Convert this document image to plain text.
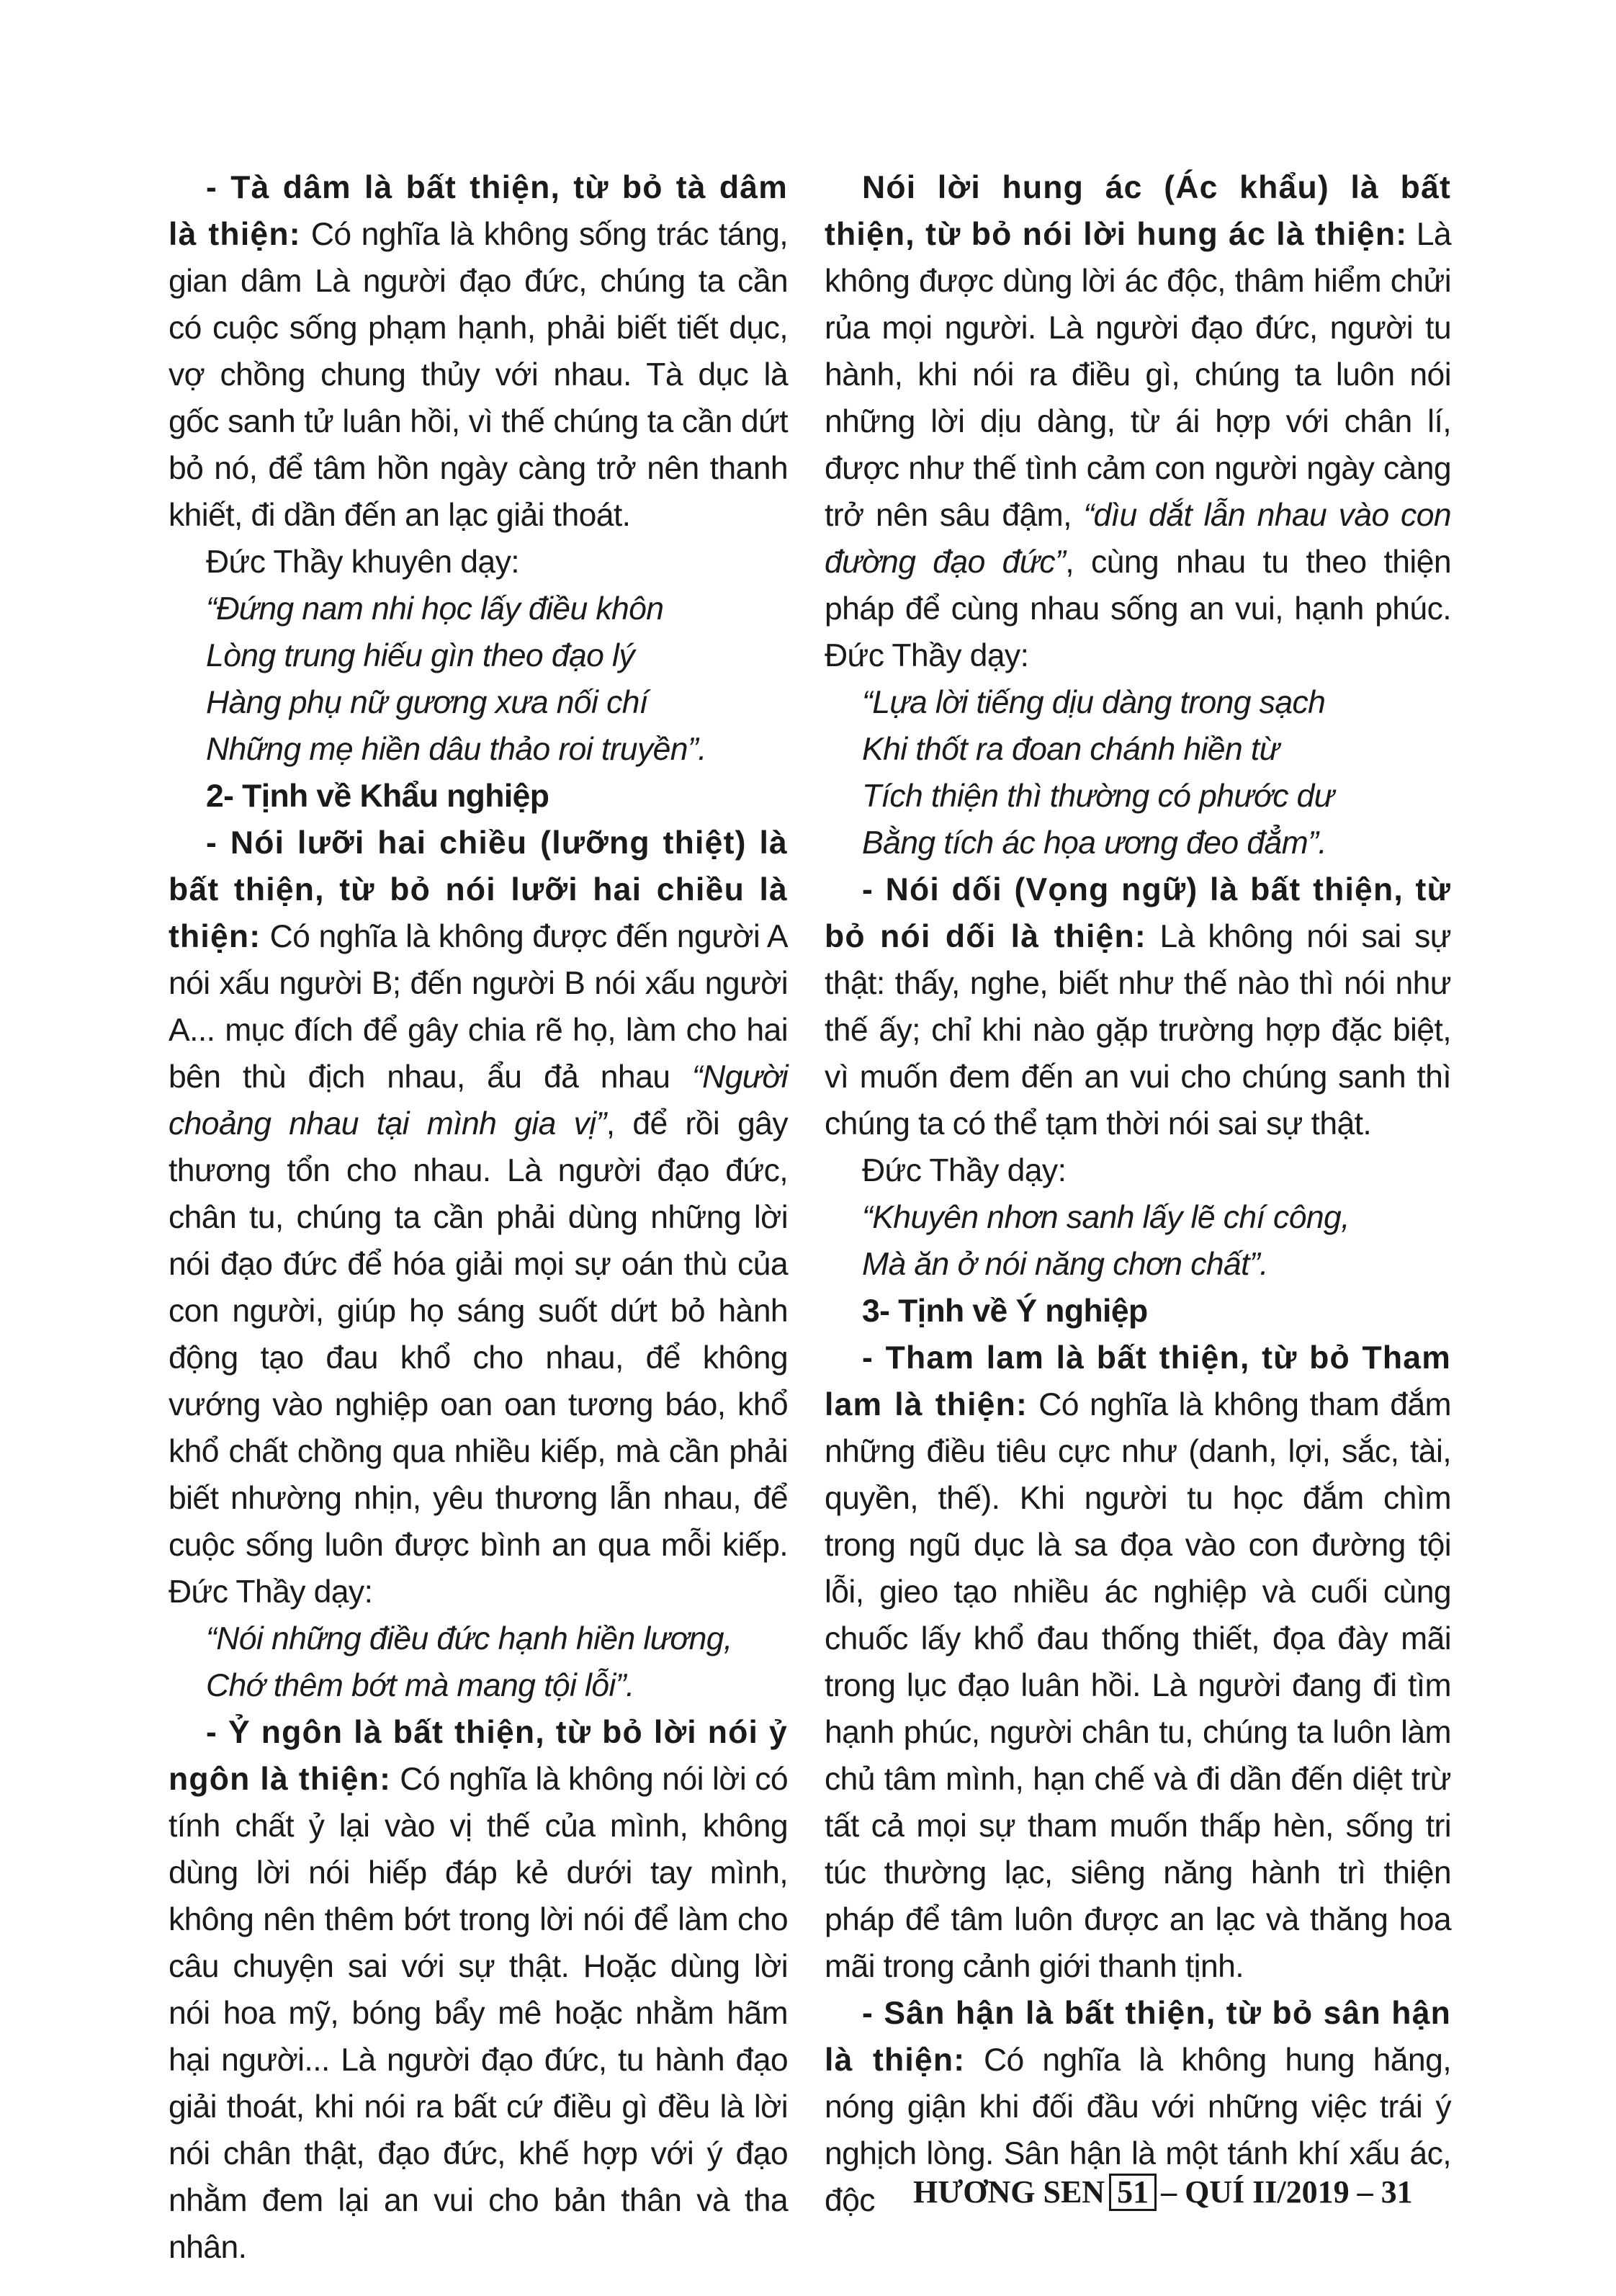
- Tà dâm là bất thiện, từ bỏ tà dâm là thiện: Có nghĩa là không sống trác táng, gian dâm Là người đạo đức, chúng ta cần có cuộc sống phạm hạnh, phải biết tiết dục, vợ chồng chung thủy với nhau. Tà dục là gốc sanh tử luân hồi, vì thế chúng ta cần dứt bỏ nó, để tâm hồn ngày càng trở nên thanh khiết, đi dần đến an lạc giải thoát.

Đức Thầy khuyên dạy:

“Đứng nam nhi học lấy điều khôn

Lòng trung hiếu gìn theo đạo lý

Hàng phụ nữ gương xưa nối chí

Những mẹ hiền dâu thảo roi truyền”.

2- Tịnh về Khẩu nghiệp

- Nói lưỡi hai chiều (lưỡng thiệt) là bất thiện, từ bỏ nói lưỡi hai chiều là thiện: Có nghĩa là không được đến người A nói xấu người B; đến người B nói xấu người A... mục đích để gây chia rẽ họ, làm cho hai bên thù địch nhau, ẩu đả nhau “Người choảng nhau tại mình gia vị”, để rồi gây thương tổn cho nhau. Là người đạo đức, chân tu, chúng ta cần phải dùng những lời nói đạo đức để hóa giải mọi sự oán thù của con người, giúp họ sáng suốt dứt bỏ hành động tạo đau khổ cho nhau, để không vướng vào nghiệp oan oan tương báo, khổ khổ chất chồng qua nhiều kiếp, mà cần phải biết nhường nhịn, yêu thương lẫn nhau, để cuộc sống luôn được bình an qua mỗi kiếp. Đức Thầy dạy:

“Nói những điều đức hạnh hiền lương,

Chớ thêm bớt mà mang tội lỗi”.

- Ỷ ngôn là bất thiện, từ bỏ lời nói ỷ ngôn là thiện: Có nghĩa là không nói lời có tính chất ỷ lại vào vị thế của mình, không dùng lời nói hiếp đáp kẻ dưới tay mình, không nên thêm bớt trong lời nói để làm cho câu chuyện sai với sự thật. Hoặc dùng lời nói hoa mỹ, bóng bẩy mê hoặc nhằm hãm hại người... Là người đạo đức, tu hành đạo giải thoát, khi nói ra bất cứ điều gì đều là lời nói chân thật, đạo đức, khế hợp với ý đạo nhằm đem lại an vui cho bản thân và tha nhân.

Nói lời hung ác (Ác khẩu) là bất thiện, từ bỏ nói lời hung ác là thiện: Là không được dùng lời ác độc, thâm hiểm chửi rủa mọi người. Là người đạo đức, người tu hành, khi nói ra điều gì, chúng ta luôn nói những lời dịu dàng, từ ái hợp với chân lí, được như thế tình cảm con người ngày càng trở nên sâu đậm, “dìu dắt lẫn nhau vào con đường đạo đức”, cùng nhau tu theo thiện pháp để cùng nhau sống an vui, hạnh phúc. Đức Thầy dạy:

“Lựa lời tiếng dịu dàng trong sạch

Khi thốt ra đoan chánh hiền từ

Tích thiện thì thường có phước dư

Bằng tích ác họa ương đeo đẳm”.

- Nói dối (Vọng ngữ) là bất thiện, từ bỏ nói dối là thiện: Là không nói sai sự thật: thấy, nghe, biết như thế nào thì nói như thế ấy; chỉ khi nào gặp trường hợp đặc biệt, vì muốn đem đến an vui cho chúng sanh thì chúng ta có thể tạm thời nói sai sự thật.

Đức Thầy dạy:

“Khuyên nhơn sanh lấy lẽ chí công,

Mà ăn ở nói năng chơn chất”.

3- Tịnh về Ý nghiệp

- Tham lam là bất thiện, từ bỏ Tham lam là thiện: Có nghĩa là không tham đắm những điều tiêu cực như (danh, lợi, sắc, tài, quyền, thế). Khi người tu học đắm chìm trong ngũ dục là sa đọa vào con đường tội lỗi, gieo tạo nhiều ác nghiệp và cuối cùng chuốc lấy khổ đau thống thiết, đọa đày mãi trong lục đạo luân hồi. Là người đang đi tìm hạnh phúc, người chân tu, chúng ta luôn làm chủ tâm mình, hạn chế và đi dần đến diệt trừ tất cả mọi sự tham muốn thấp hèn, sống tri túc thường lạc, siêng năng hành trì thiện pháp để tâm luôn được an lạc và thăng hoa mãi trong cảnh giới thanh tịnh.

- Sân hận là bất thiện, từ bỏ sân hận là thiện: Có nghĩa là không hung hăng, nóng giận khi đối đầu với những việc trái ý nghịch lòng. Sân hận là một tánh khí xấu ác, độc	HƯƠNG SEN 51 – QUÍ II/2019 – 31
